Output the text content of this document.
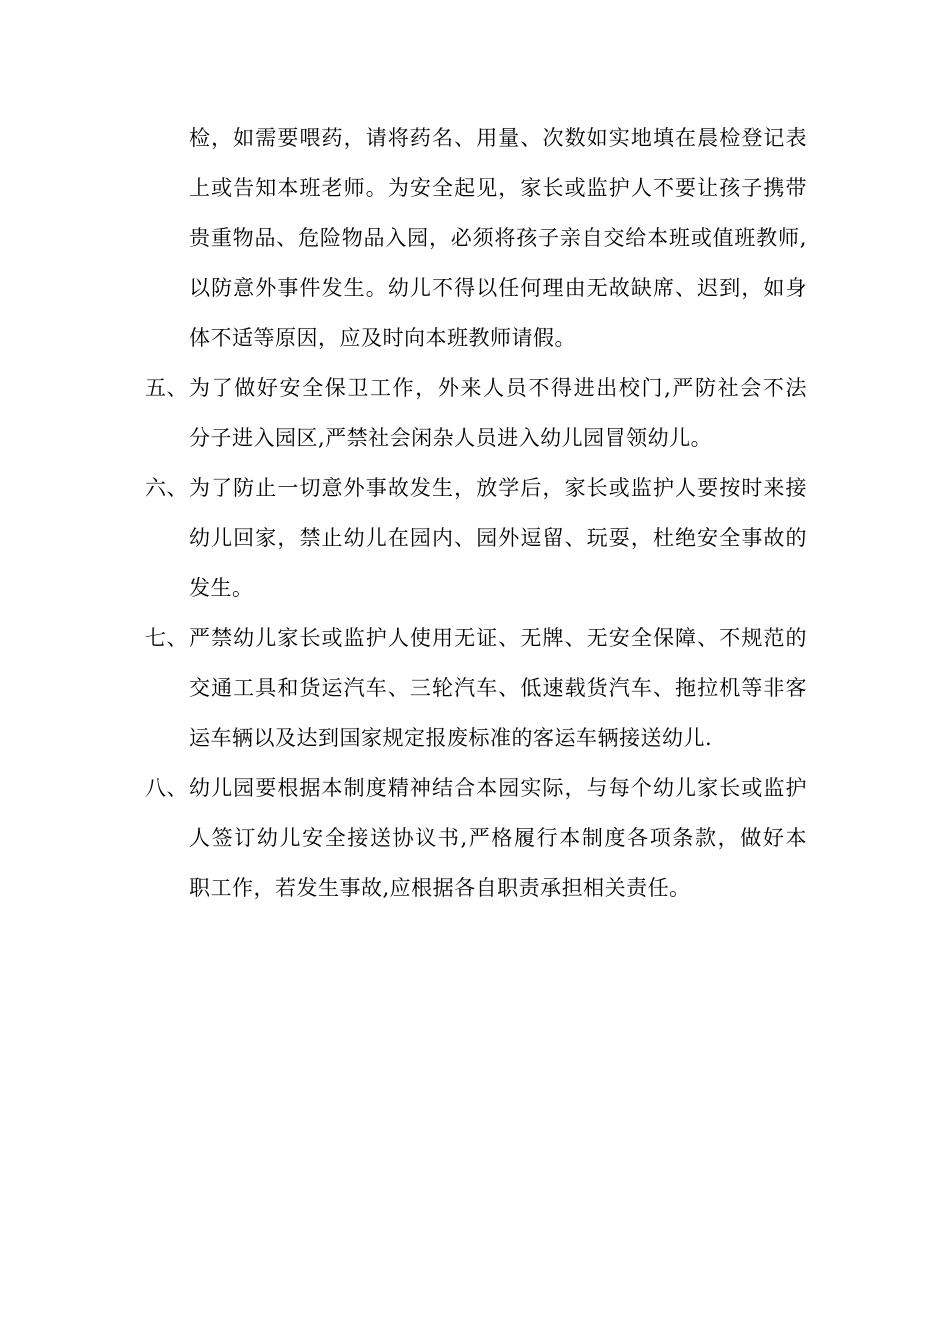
检，如需要喂药，请将药名、用量、次数如实地填在晨检登记表
上或告知本班老师。为安全起见，家长或监护人不要让孩子携带
贵重物品、危险物品入园，必须将孩子亲自交给本班或值班教师,
以防意外事件发生。幼儿不得以任何理由无故缺席、迟到，如身
体不适等原因，应及时向本班教师请假。
五、 为了做好安全保卫工作，外来人员不得进出校门,严防社会不法
分子进入园区,严禁社会闲杂人员进入幼儿园冒领幼儿。
六、 为了防止一切意外事故发生，放学后，家长或监护人要按时来接
幼儿回家，禁止幼儿在园内、园外逗留、玩耍，杜绝安全事故的
发生。
七、 严禁幼儿家长或监护人使用无证、无牌、无安全保障、不规范的
交通工具和货运汽车、三轮汽车、低速载货汽车、拖拉机等非客
运车辆以及达到国家规定报废标准的客运车辆接送幼儿.
八、 幼儿园要根据本制度精神结合本园实际，与每个幼儿家长或监护
人签订幼儿安全接送协议书,严格履行本制度各项条款，做好本
职工作，若发生事故,应根据各自职责承担相关责任。
